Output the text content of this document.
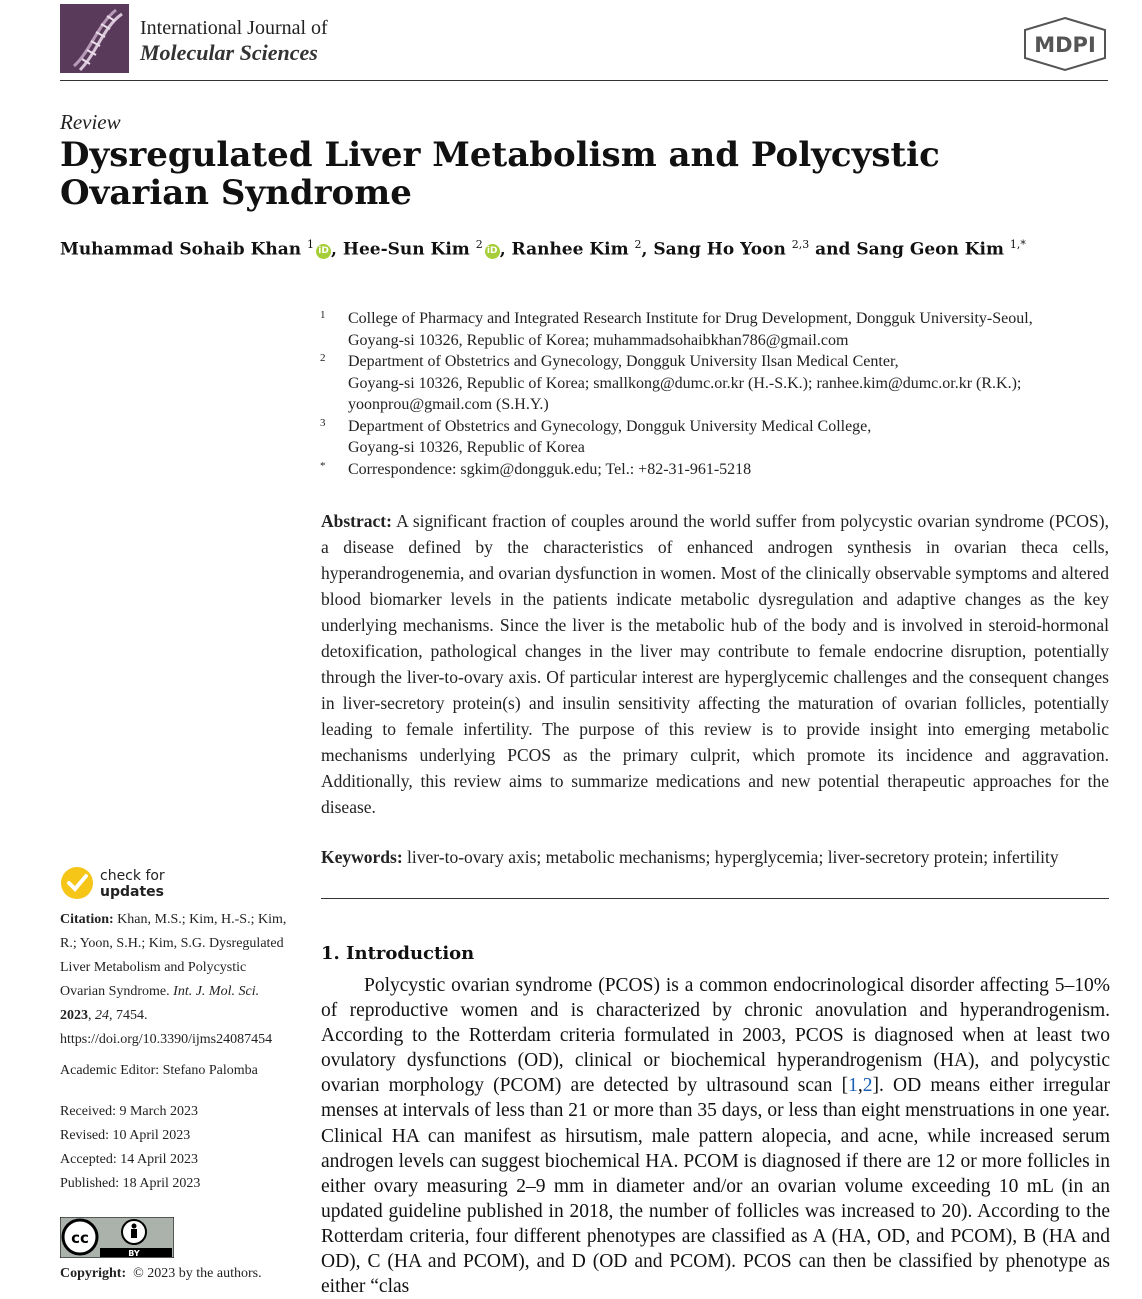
International Journal of
Molecular Sciences	MDPI
Review
Dysregulated Liver Metabolism and Polycystic
Ovarian Syndrome
Muhammad Sohaib Khan $^1$ iD , Hee-Sun Kim $^2$ iD , Ranhee Kim $^2$, Sang Ho Yoon $^{2,3}$ and Sang Geon Kim $^{1,*}$
1 College of Pharmacy and Integrated Research Institute for Drug Development, Dongguk University-Seoul,
Goyang-si 10326, Republic of Korea; muhammadsohaibkhan786@gmail.com
2 Department of Obstetrics and Gynecology, Dongguk University Ilsan Medical Center,
Goyang-si 10326, Republic of Korea; smallkong@dumc.or.kr (H.-S.K.); ranhee.kim@dumc.or.kr (R.K.);
yoonprou@gmail.com (S.H.Y.)
3 Department of Obstetrics and Gynecology, Dongguk University Medical College,
Goyang-si 10326, Republic of Korea
* Correspondence: sgkim@dongguk.edu; Tel.: +82-31-961-5218
Abstract: A significant fraction of couples around the world suffer from polycystic ovarian syndrome (PCOS), a disease defined by the characteristics of enhanced androgen synthesis in ovarian theca cells, hyperandrogenemia, and ovarian dysfunction in women. Most of the clinically observable symptoms and altered blood biomarker levels in the patients indicate metabolic dysregulation and adaptive changes as the key underlying mechanisms. Since the liver is the metabolic hub of the body and is involved in steroid-hormonal detoxification, pathological changes in the liver may contribute to female endocrine disruption, potentially through the liver-to-ovary axis. Of particular interest are hyperglycemic challenges and the consequent changes in liver-secretory protein(s) and insulin sensitivity affecting the maturation of ovarian follicles, potentially leading to female infertility. The purpose of this review is to provide insight into emerging metabolic mechanisms underlying PCOS as the primary culprit, which promote its incidence and aggravation. Additionally, this review aims to summarize medications and new potential therapeutic approaches for the disease.
Keywords: liver-to-ovary axis; metabolic mechanisms; hyperglycemia; liver-secretory protein; infertility
1. Introduction
Polycystic ovarian syndrome (PCOS) is a common endocrinological disorder affecting 5–10% of reproductive women and is characterized by chronic anovulation and hyperandrogenism. According to the Rotterdam criteria formulated in 2003, PCOS is diagnosed when at least two ovulatory dysfunctions (OD), clinical or biochemical hyperandrogenism (HA), and polycystic ovarian morphology (PCOM) are detected by ultrasound scan [1,2]. OD means either irregular menses at intervals of less than 21 or more than 35 days, or less than eight menstruations in one year. Clinical HA can manifest as hirsutism, male pattern alopecia, and acne, while increased serum androgen levels can suggest biochemical HA. PCOM is diagnosed if there are 12 or more follicles in either ovary measuring 2–9 mm in diameter and/or an ovarian volume exceeding 10 mL (in an updated guideline published in 2018, the number of follicles was increased to 20). According to the Rotterdam criteria, four different phenotypes are classified as A (HA, OD, and PCOM), B (HA and OD), C (HA and PCOM), and D (OD and PCOM). PCOS can then be classified by phenotype as either “clas
check for
updates
Citation: Khan, M.S.; Kim, H.-S.; Kim, R.; Yoon, S.H.; Kim, S.G. Dysregulated Liver Metabolism and Polycystic Ovarian Syndrome. Int. J. Mol. Sci. 2023, 24, 7454. https://doi.org/10.3390/ijms24087454
Academic Editor: Stefano Palomba
Received: 9 March 2023
Revised: 10 April 2023
Accepted: 14 April 2023
Published: 18 April 2023
cc
BY
Copyright: © 2023 by the authors.
